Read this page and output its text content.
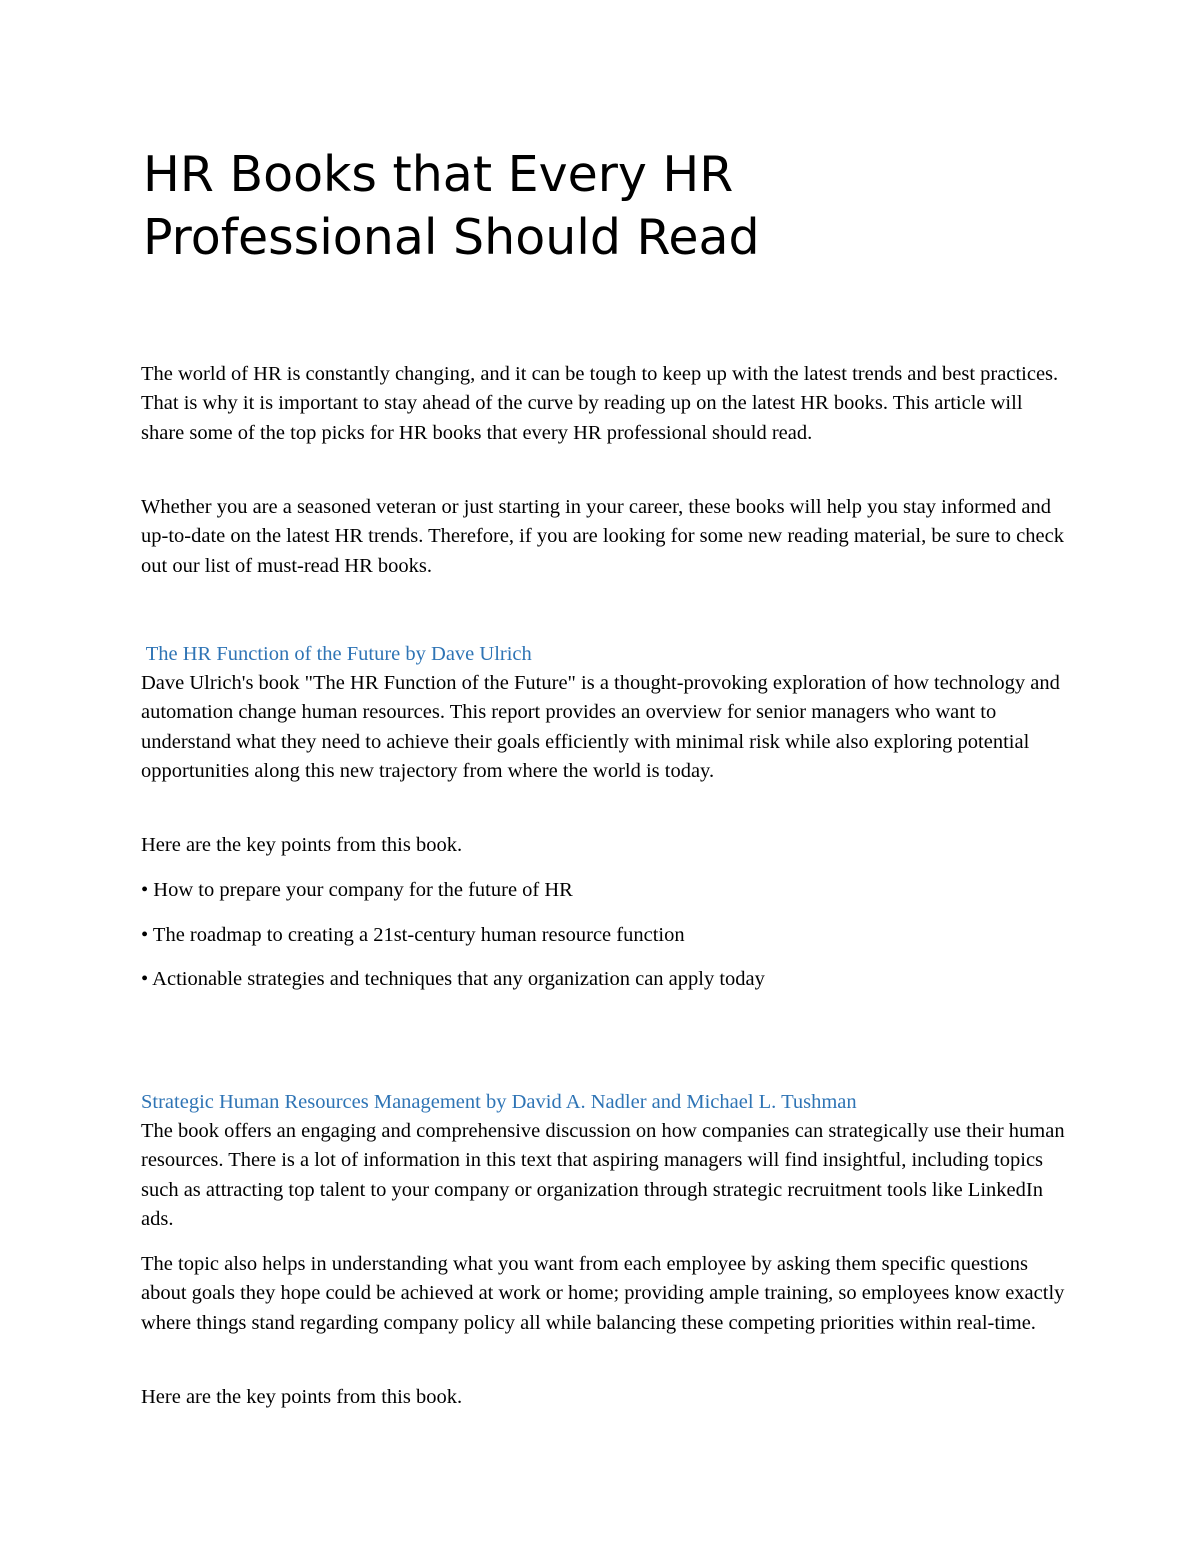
HR Books that Every HR Professional Should Read

The world of HR is constantly changing, and it can be tough to keep up with the latest trends and best practices. That is why it is important to stay ahead of the curve by reading up on the latest HR books. This article will share some of the top picks for HR books that every HR professional should read.

Whether you are a seasoned veteran or just starting in your career, these books will help you stay informed and up-to-date on the latest HR trends. Therefore, if you are looking for some new reading material, be sure to check out our list of must-read HR books.

The HR Function of the Future by Dave Ulrich

Dave Ulrich's book "The HR Function of the Future" is a thought-provoking exploration of how technology and automation change human resources. This report provides an overview for senior managers who want to understand what they need to achieve their goals efficiently with minimal risk while also exploring potential opportunities along this new trajectory from where the world is today.

Here are the key points from this book.

• How to prepare your company for the future of HR

• The roadmap to creating a 21st-century human resource function

• Actionable strategies and techniques that any organization can apply today

Strategic Human Resources Management by David A. Nadler and Michael L. Tushman

The book offers an engaging and comprehensive discussion on how companies can strategically use their human resources. There is a lot of information in this text that aspiring managers will find insightful, including topics such as attracting top talent to your company or organization through strategic recruitment tools like LinkedIn ads.

The topic also helps in understanding what you want from each employee by asking them specific questions about goals they hope could be achieved at work or home; providing ample training, so employees know exactly where things stand regarding company policy all while balancing these competing priorities within real-time.

Here are the key points from this book.
